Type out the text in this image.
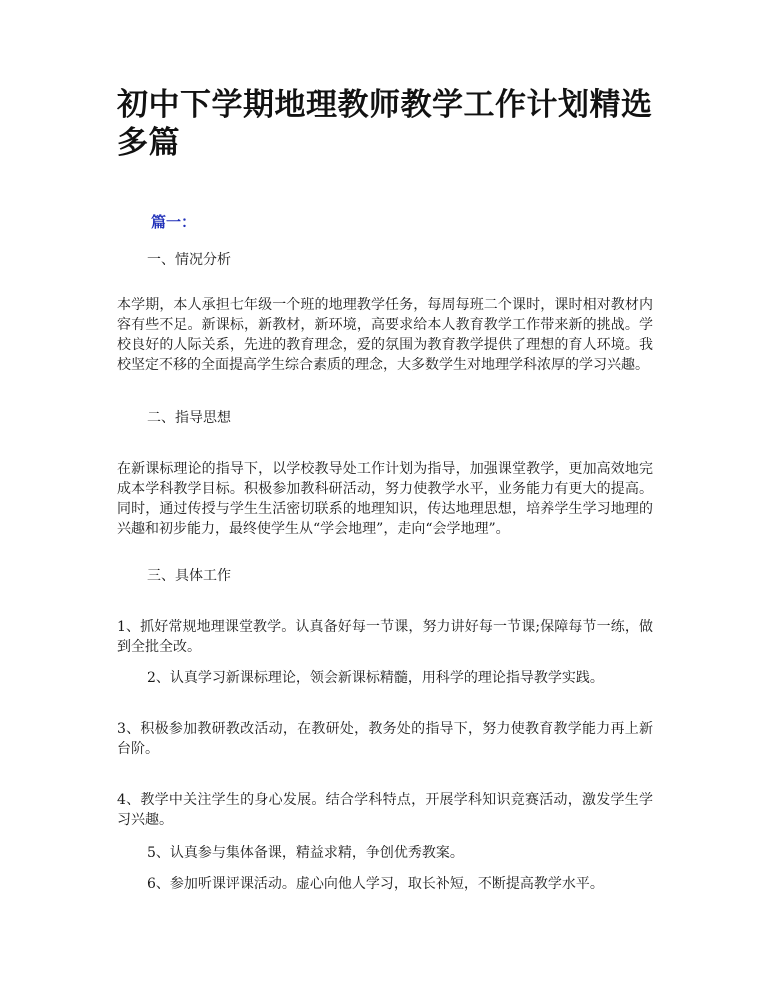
初中下学期地理教师教学工作计划精选多篇
篇一：
一、情况分析

本学期，本人承担七年级一个班的地理教学任务，每周每班二个课时，课时相对教材内容有些不足。新课标，新教材，新环境，高要求给本人教育教学工作带来新的挑战。学校良好的人际关系，先进的教育理念，爱的氛围为教育教学提供了理想的育人环境。我校坚定不移的全面提高学生综合素质的理念，大多数学生对地理学科浓厚的学习兴趣。

二、指导思想

在新课标理论的指导下，以学校教导处工作计划为指导，加强课堂教学，更加高效地完成本学科教学目标。积极参加教科研活动，努力使教学水平，业务能力有更大的提高。同时，通过传授与学生生活密切联系的地理知识，传达地理思想，培养学生学习地理的兴趣和初步能力，最终使学生从“学会地理”，走向“会学地理”。

三、具体工作

1、抓好常规地理课堂教学。认真备好每一节课，努力讲好每一节课;保障每节一练，做到全批全改。

2、认真学习新课标理论，领会新课标精髓，用科学的理论指导教学实践。

3、积极参加教研教改活动，在教研处，教务处的指导下，努力使教育教学能力再上新台阶。

4、教学中关注学生的身心发展。结合学科特点，开展学科知识竞赛活动，激发学生学习兴趣。

5、认真参与集体备课，精益求精，争创优秀教案。

6、参加听课评课活动。虚心向他人学习，取长补短，不断提高教学水平。
